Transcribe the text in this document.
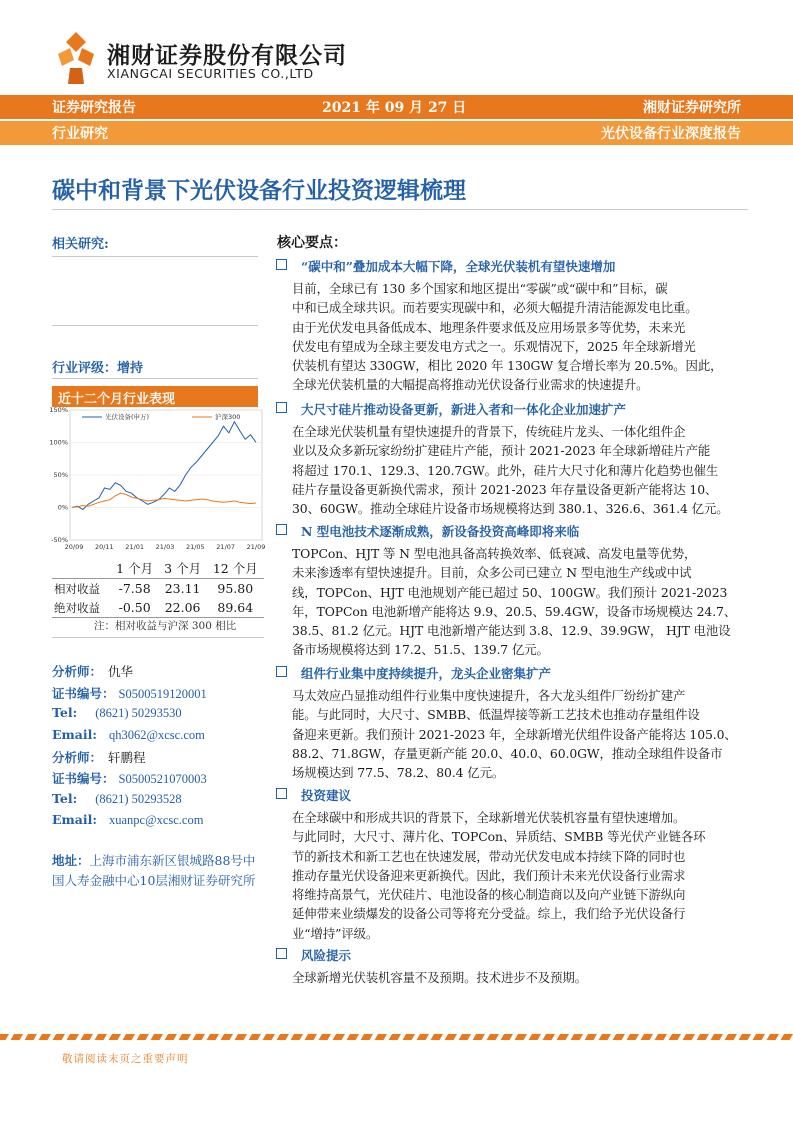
湘财证券股份有限公司
XIANGCAI SECURITIES CO.,LTD
证券研究报告	2021 年 09 月 27 日	湘财证券研究所
行业研究	光伏设备行业深度报告
碳中和背景下光伏设备行业投资逻辑梳理
相关研究:
行业评级：增持
近十二个月行业表现
150%
100%
50%
0%
-50%
20/09 20/11 21/01 21/03 21/05 21/07 21/09
光伏设备(申万)	沪深300
	1 个月	3 个月	12 个月
相对收益	-7.58	23.11	95.80
绝对收益	-0.50	22.06	89.64
注：相对收益与沪深 300 相比
分析师： 仇华
证书编号： S0500519120001
Tel: (8621) 50293530
Email: qh3062@xcsc.com
分析师： 轩鹏程
证书编号： S0500521070003
Tel: (8621) 50293528
Email: xuanpc@xcsc.com
地址：上海市浦东新区银城路88号中国人寿金融中心10层湘财证券研究所
核心要点：
“碳中和”叠加成本大幅下降，全球光伏装机有望快速增加
目前，全球已有 130 多个国家和地区提出“零碳”或“碳中和”目标，碳
中和已成全球共识。而若要实现碳中和，必须大幅提升清洁能源发电比重。
由于光伏发电具备低成本、地理条件要求低及应用场景多等优势，未来光
伏发电有望成为全球主要发电方式之一。乐观情况下，2025 年全球新增光
伏装机有望达 330GW，相比 2020 年 130GW 复合增长率为 20.5%。因此，
全球光伏装机量的大幅提高将推动光伏设备行业需求的快速提升。
大尺寸硅片推动设备更新，新进入者和一体化企业加速扩产
在全球光伏装机量有望快速提升的背景下，传统硅片龙头、一体化组件企
业以及众多新玩家纷纷扩建硅片产能，预计 2021-2023 年全球新增硅片产能
将超过 170.1、129.3、120.7GW。此外，硅片大尺寸化和薄片化趋势也催生
硅片存量设备更新换代需求，预计 2021-2023 年存量设备更新产能将达 10、
30、60GW。推动全球硅片设备市场规模将达到 380.1、326.6、361.4 亿元。
N 型电池技术逐渐成熟，新设备投资高峰即将来临
TOPCon、HJT 等 N 型电池具备高转换效率、低衰减、高发电量等优势，
未来渗透率有望快速提升。目前，众多公司已建立 N 型电池生产线或中试
线，TOPCon、HJT 电池规划产能已超过 50、100GW。我们预计 2021-2023
年，TOPCon 电池新增产能将达 9.9、20.5、59.4GW，设备市场规模达 24.7、
38.5、81.2 亿元。HJT 电池新增产能达到 3.8、12.9、39.9GW， HJT 电池设
备市场规模将达到 17.2、51.5、139.7 亿元。
组件行业集中度持续提升，龙头企业密集扩产
马太效应凸显推动组件行业集中度快速提升，各大龙头组件厂纷纷扩建产
能。与此同时，大尺寸、SMBB、低温焊接等新工艺技术也推动存量组件设
备迎来更新。我们预计 2021-2023 年，全球新增光伏组件设备产能将达 105.0、
88.2、71.8GW，存量更新产能 20.0、40.0、60.0GW，推动全球组件设备市
场规模达到 77.5、78.2、80.4 亿元。
投资建议
在全球碳中和形成共识的背景下，全球新增光伏装机容量有望快速增加。
与此同时，大尺寸、薄片化、TOPCon、异质结、SMBB 等光伏产业链各环
节的新技术和新工艺也在快速发展，带动光伏发电成本持续下降的同时也
推动存量光伏设备迎来更新换代。因此，我们预计未来光伏设备行业需求
将维持高景气，光伏硅片、电池设备的核心制造商以及向产业链下游纵向
延伸带来业绩爆发的设备公司等将充分受益。综上，我们给予光伏设备行
业“增持”评级。
风险提示
全球新增光伏装机容量不及预期。技术进步不及预期。
敬请阅读末页之重要声明
